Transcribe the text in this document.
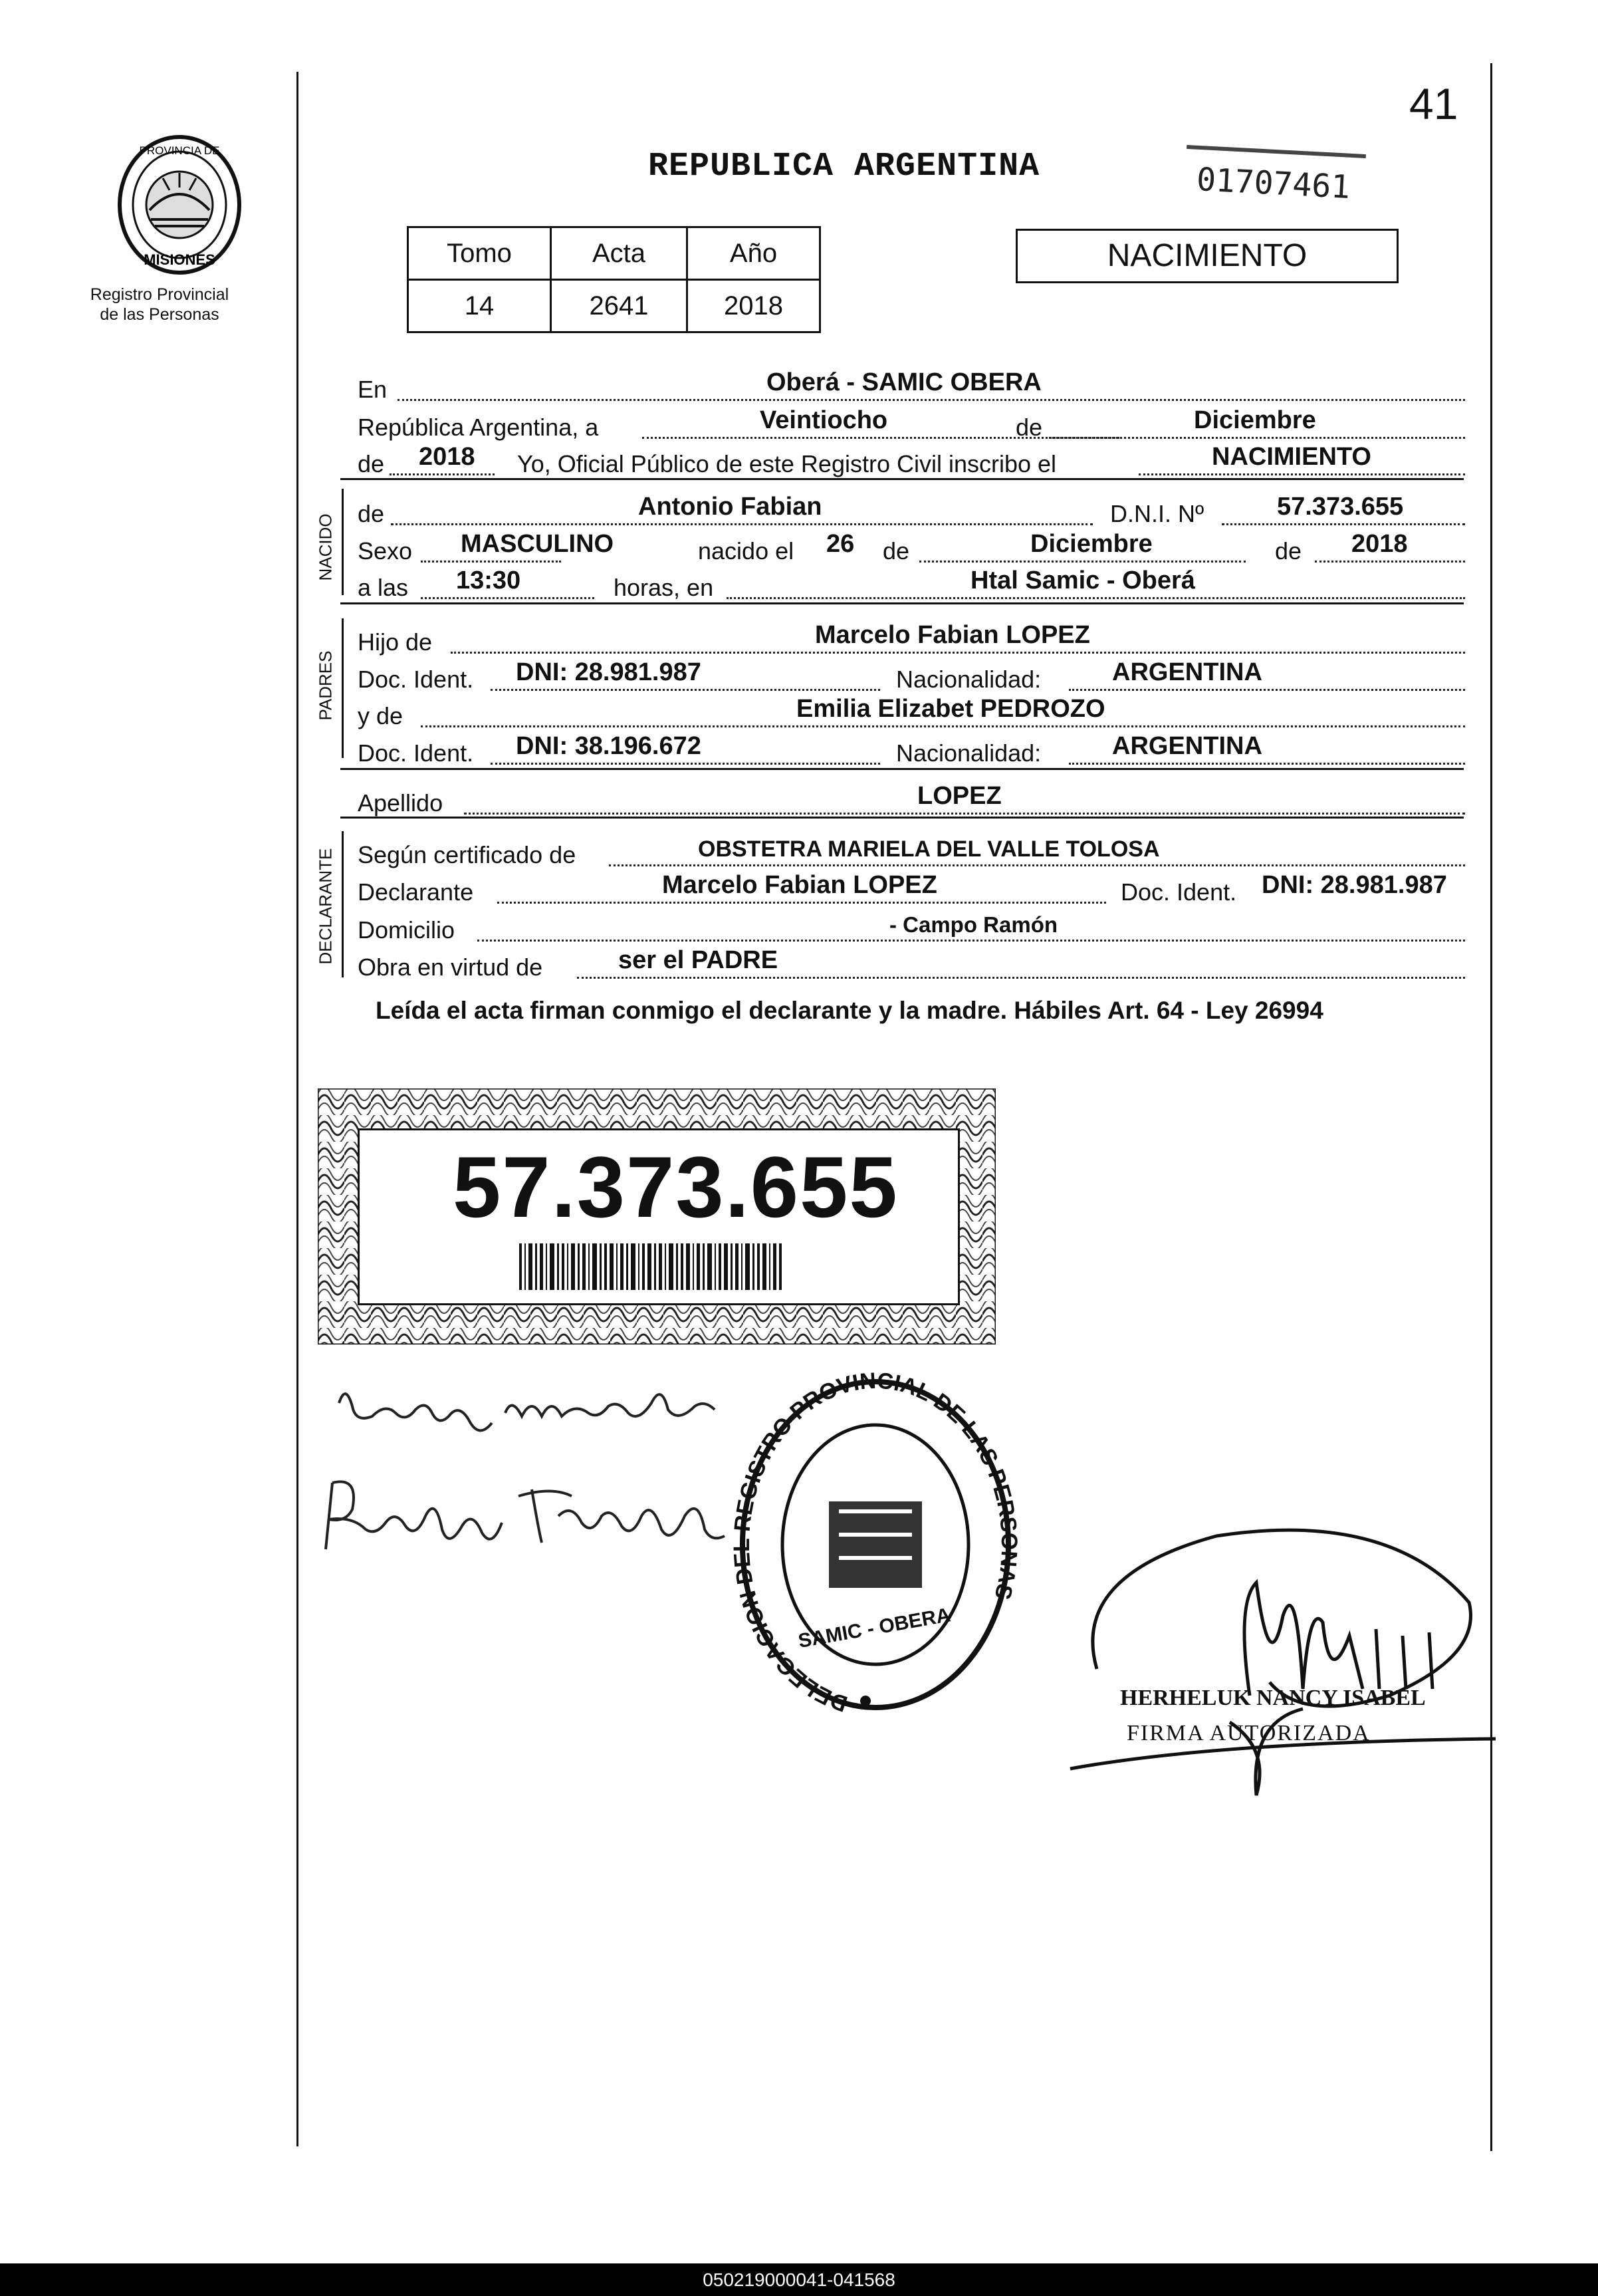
41
PROVINCIA DE
MISIONES
Registro Provincial
de las Personas
REPUBLICA ARGENTINA	01707461
Tomo	Acta	Año
14	2641	2018
NACIMIENTO
En	Oberá - SAMIC OBERA
República Argentina, a	Veintiocho	de	Diciembre
de 2018 Yo, Oficial Público de este Registro Civil inscribo el	NACIMIENTO
NACIDO de	Antonio Fabian	D.N.I. Nº	57.373.655
Sexo MASCULINO	nacido el 26 de	Diciembre	de 2018
a las 13:30	horas, en	Htal Samic - Oberá
PADRES
Hijo de	Marcelo Fabian LOPEZ
Doc. Ident. DNI: 28.981.987	Nacionalidad:	ARGENTINA
y de	Emilia Elizabet PEDROZO
Doc. Ident. DNI: 38.196.672	Nacionalidad:	ARGENTINA
Apellido	LOPEZ
DECLARANTE Según certificado de	OBSTETRA MARIELA DEL VALLE TOLOSA
Declarante	Marcelo Fabian LOPEZ	Doc. Ident. DNI: 28.981.987
Domicilio	- Campo Ramón
Obra en virtud de	ser el PADRE
Leída el acta firman conmigo el declarante y la madre. Hábiles Art. 64 - Ley 26994
57.373.655
DELEGACION DEL REGISTRO PROVINCIAL DE LAS PERSONAS
SAMIC - OBERA
HERHELUK NANCY ISABEL
FIRMA AUTORIZADA
050219000041-041568
